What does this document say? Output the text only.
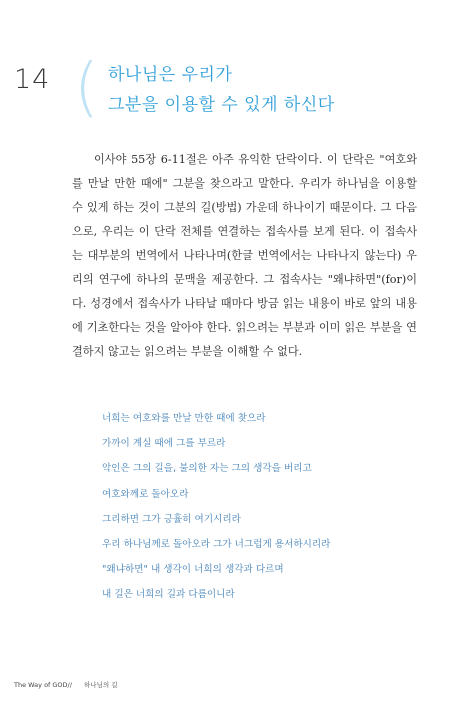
14 ( 하나님은 우리가
그분을 이용할 수 있게 하신다

이사야 55장 6-11절은 아주 유익한 단락이다. 이 단락은 "여호와를 만날 만한 때에" 그분을 찾으라고 말한다. 우리가 하나님을 이용할 수 있게 하는 것이 그분의 길(방법) 가운데 하나이기 때문이다. 그 다음으로, 우리는 이 단락 전체를 연결하는 접속사를 보게 된다. 이 접속사는 대부분의 번역에서 나타나며(한글 번역에서는 나타나지 않는다) 우리의 연구에 하나의 문맥을 제공한다. 그 접속사는 "왜냐하면"(for)이다. 성경에서 접속사가 나타날 때마다 방금 읽는 내용이 바로 앞의 내용에 기초한다는 것을 알아야 한다. 읽으려는 부분과 이미 읽은 부분을 연결하지 않고는 읽으려는 부분을 이해할 수 없다.

너희는 여호와를 만날 만한 때에 찾으라
가까이 계실 때에 그를 부르라
악인은 그의 길을, 불의한 자는 그의 생각을 버리고
여호와께로 돌아오라
그리하면 그가 긍휼히 여기시리라
우리 하나님께로 돌아오라 그가 너그럽게 용서하시리라
"왜냐하면" 내 생각이 너희의 생각과 다르며
내 길은 너희의 길과 다름이니라
The Way of GOD// 하나님의 길
